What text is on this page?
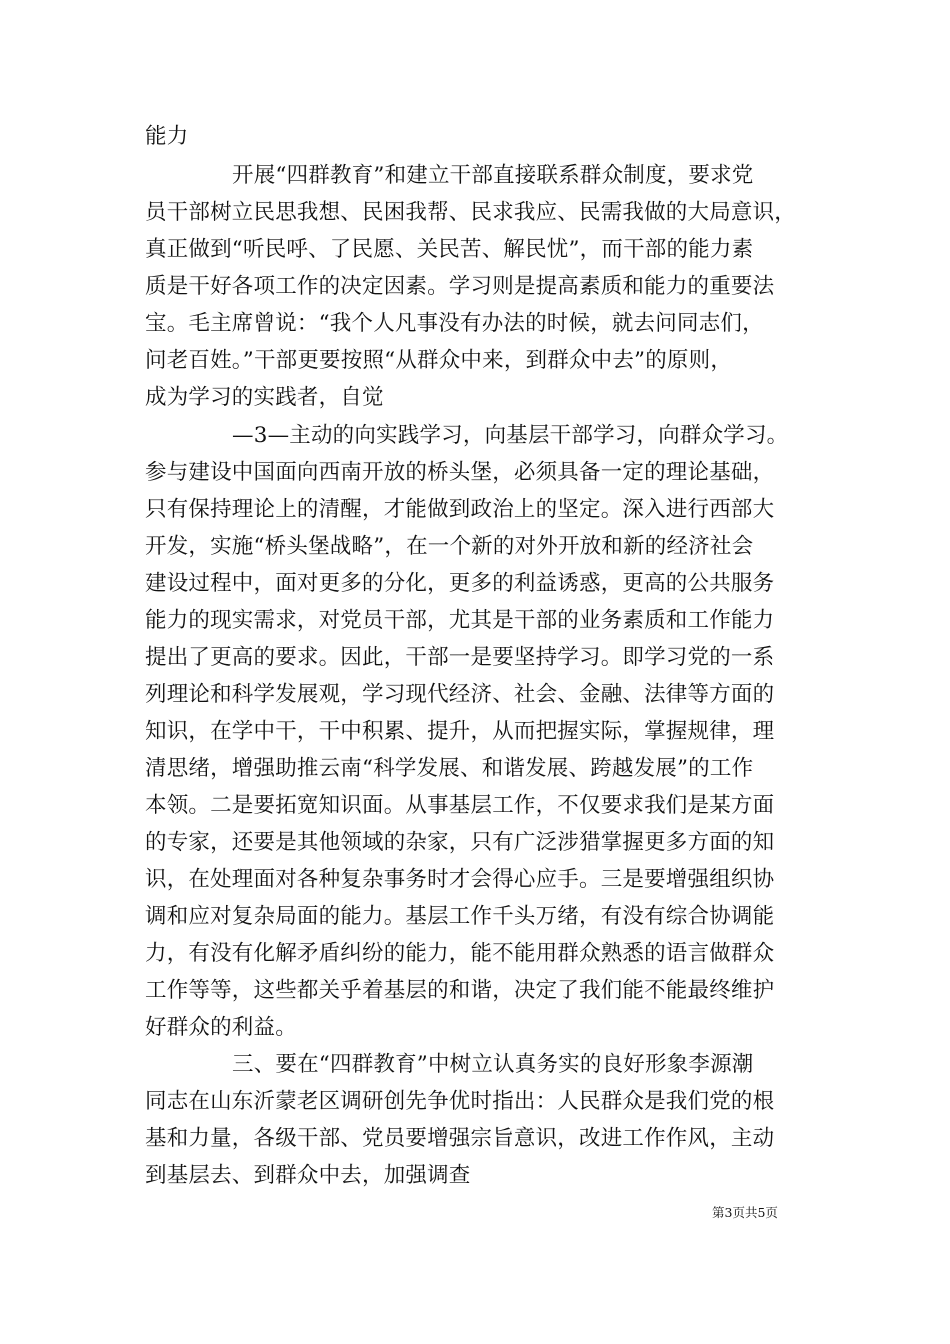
能力
开展“四群教育”和建立干部直接联系群众制度，要求党
员干部树立民思我想、民困我帮、民求我应、民需我做的大局意识，
真正做到“听民呼、了民愿、关民苦、解民忧”，而干部的能力素
质是干好各项工作的决定因素。学习则是提高素质和能力的重要法
宝。毛主席曾说：“我个人凡事没有办法的时候，就去问同志们，
问老百姓。”干部更要按照“从群众中来，到群众中去”的原则，
成为学习的实践者，自觉
—3—主动的向实践学习，向基层干部学习，向群众学习。
参与建设中国面向西南开放的桥头堡，必须具备一定的理论基础，
只有保持理论上的清醒，才能做到政治上的坚定。深入进行西部大
开发，实施“桥头堡战略”，在一个新的对外开放和新的经济社会
建设过程中，面对更多的分化，更多的利益诱惑，更高的公共服务
能力的现实需求，对党员干部，尤其是干部的业务素质和工作能力
提出了更高的要求。因此，干部一是要坚持学习。即学习党的一系
列理论和科学发展观，学习现代经济、社会、金融、法律等方面的
知识，在学中干，干中积累、提升，从而把握实际，掌握规律，理
清思绪，增强助推云南“科学发展、和谐发展、跨越发展”的工作
本领。二是要拓宽知识面。从事基层工作，不仅要求我们是某方面
的专家，还要是其他领域的杂家，只有广泛涉猎掌握更多方面的知
识，在处理面对各种复杂事务时才会得心应手。三是要增强组织协
调和应对复杂局面的能力。基层工作千头万绪，有没有综合协调能
力，有没有化解矛盾纠纷的能力，能不能用群众熟悉的语言做群众
工作等等，这些都关乎着基层的和谐，决定了我们能不能最终维护
好群众的利益。
三、要在“四群教育”中树立认真务实的良好形象李源潮
同志在山东沂蒙老区调研创先争优时指出：人民群众是我们党的根
基和力量，各级干部、党员要增强宗旨意识，改进工作作风，主动
到基层去、到群众中去，加强调查
第3页共5页
